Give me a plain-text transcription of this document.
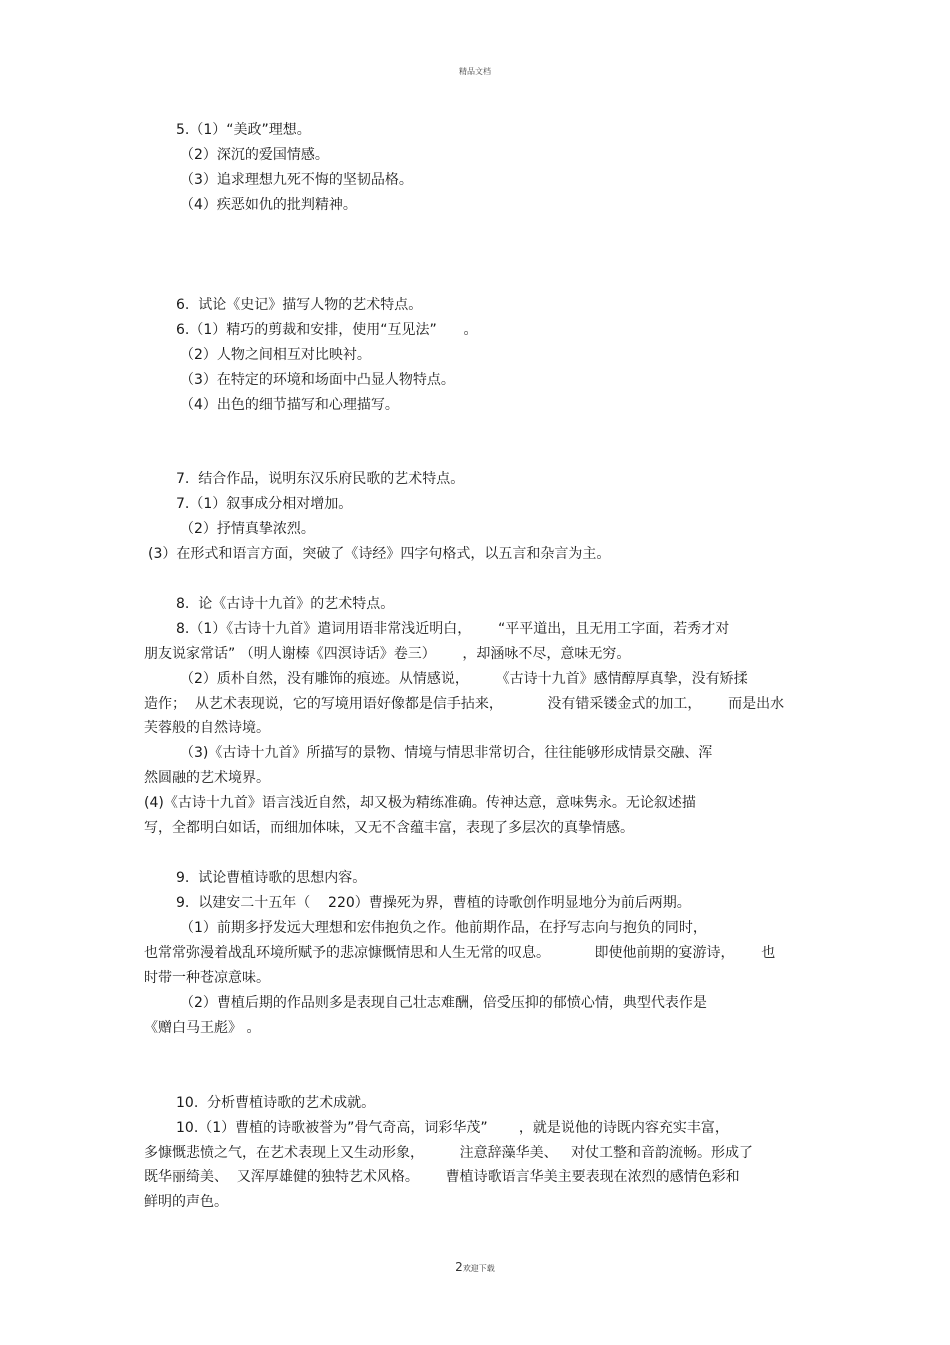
精品文档
5.（1）“美政”理想。
（2）深沉的爱国情感。
（3）追求理想九死不悔的坚韧品格。
（4）疾恶如仇的批判精神。
6.  试论《史记》描写人物的艺术特点。
6.（1）精巧的剪裁和安排，使用“互见法”      。
（2）人物之间相互对比映衬。
（3）在特定的环境和场面中凸显人物特点。
（4）出色的细节描写和心理描写。
7.  结合作品，说明东汉乐府民歌的艺术特点。
7.（1）叙事成分相对增加。
（2）抒情真挚浓烈。
(3）在形式和语言方面，突破了《诗经》四字句格式，以五言和杂言为主。
8.  论《古诗十九首》的艺术特点。
8.（1）《古诗十九首》遣词用语非常浅近明白，      “平平道出，且无用工字面，若秀才对
朋友说家常话” （明人谢榛《四溟诗话》卷三）      ，却涵咏不尽，意味无穷。
（2）质朴自然，没有雕饰的痕迹。从情感说，      《古诗十九首》感情醇厚真挚，没有矫揉
造作；  从艺术表现说，它的写境用语好像都是信手拈来，          没有错采镂金式的加工，      而是出水
芙蓉般的自然诗境。
（3)《古诗十九首》所描写的景物、情境与情思非常切合，往往能够形成情景交融、浑
然圆融的艺术境界。
(4)《古诗十九首》语言浅近自然，却又极为精练准确。传神达意，意味隽永。无论叙述描
写，全都明白如话，而细加体味，又无不含蕴丰富，表现了多层次的真挚情感。
9.  试论曹植诗歌的思想内容。
9.  以建安二十五年（    220）曹操死为界，曹植的诗歌创作明显地分为前后两期。
（1）前期多抒发远大理想和宏伟抱负之作。他前期作品，在抒写志向与抱负的同时，
也常常弥漫着战乱环境所赋予的悲凉慷慨情思和人生无常的叹息。          即使他前期的宴游诗，      也
时带一种苍凉意味。
（2）曹植后期的作品则多是表现自己壮志难酬，倍受压抑的郁愤心情，典型代表作是
《赠白马王彪》 。
10.  分析曹植诗歌的艺术成就。
10.（1）曹植的诗歌被誉为”骨气奇高，词彩华茂”       ，就是说他的诗既内容充实丰富，
多慷慨悲愤之气，在艺术表现上又生动形象，        注意辞藻华美、   对仗工整和音韵流畅。形成了
既华丽绮美、  又浑厚雄健的独特艺术风格。      曹植诗歌语言华美主要表现在浓烈的感情色彩和
鲜明的声色。
2欢迎下载
